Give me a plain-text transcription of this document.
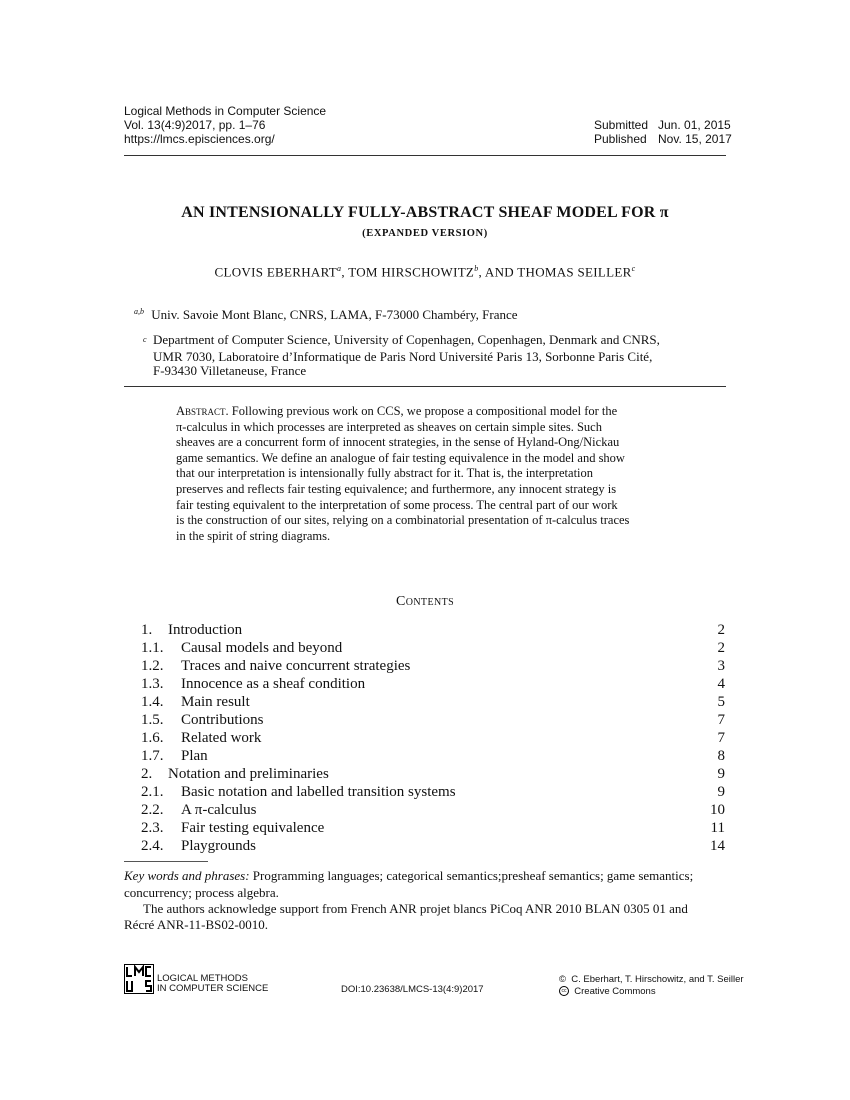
Logical Methods in Computer Science
Vol. 13(4:9)2017, pp. 1–76
https://lmcs.episciences.org/
Submitted Jun. 01, 2015
Published Nov. 15, 2017
AN INTENSIONALLY FULLY-ABSTRACT SHEAF MODEL FOR π
(EXPANDED VERSION)
CLOVIS EBERHART$^a$, TOM HIRSCHOWITZ$^b$, AND THOMAS SEILLER$^c$
$^{a,b}$ Univ. Savoie Mont Blanc, CNRS, LAMA, F-73000 Chambéry, France
$^c$ Department of Computer Science, University of Copenhagen, Copenhagen, Denmark and CNRS,
UMR 7030, Laboratoire d’Informatique de Paris Nord Université Paris 13, Sorbonne Paris Cité,
F-93430 Villetaneuse, France
Abstract. Following previous work on CCS, we propose a compositional model for the
π-calculus in which processes are interpreted as sheaves on certain simple sites. Such
sheaves are a concurrent form of innocent strategies, in the sense of Hyland-Ong/Nickau
game semantics. We define an analogue of fair testing equivalence in the model and show
that our interpretation is intensionally fully abstract for it. That is, the interpretation
preserves and reflects fair testing equivalence; and furthermore, any innocent strategy is
fair testing equivalent to the interpretation of some process. The central part of our work
is the construction of our sites, relying on a combinatorial presentation of π-calculus traces
in the spirit of string diagrams.
Contents
1. Introduction	2
1.1. Causal models and beyond	2
1.2. Traces and naive concurrent strategies	3
1.3. Innocence as a sheaf condition	4
1.4. Main result	5
1.5. Contributions	7
1.6. Related work	7
1.7. Plan	8
2. Notation and preliminaries	9
2.1. Basic notation and labelled transition systems	9
2.2. A π-calculus	10
2.3. Fair testing equivalence	11
2.4. Playgrounds	14
Key words and phrases: Programming languages; categorical semantics;presheaf semantics; game semantics;
concurrency; process algebra.
The authors acknowledge support from French ANR projet blancs PiCoq ANR 2010 BLAN 0305 01 and
Récré ANR-11-BS02-0010.
LOGICAL METHODS
IN COMPUTER SCIENCE	DOI:10.23638/LMCS-13(4:9)2017
© C. Eberhart, T. Hirschowitz, and T. Seiller
cc Creative Commons
